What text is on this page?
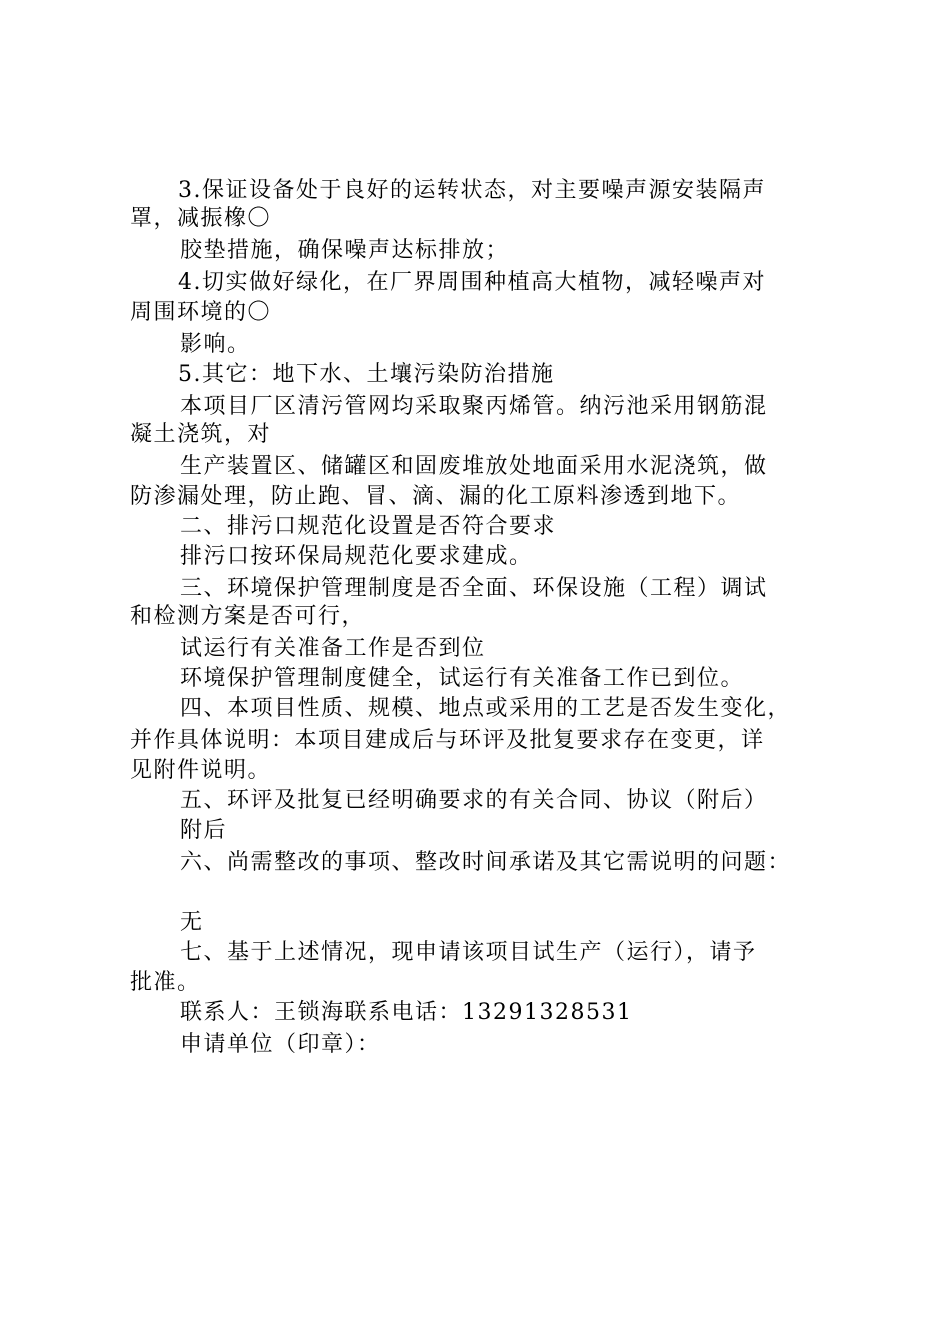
3.保证设备处于良好的运转状态，对主要噪声源安装隔声
罩，减振橡〇
胶垫措施，确保噪声达标排放；
4.切实做好绿化，在厂界周围种植高大植物，减轻噪声对
周围环境的〇
影响。
5.其它：地下水、土壤污染防治措施
本项目厂区清污管网均采取聚丙烯管。纳污池采用钢筋混
凝土浇筑，对
生产装置区、储罐区和固废堆放处地面采用水泥浇筑，做
防渗漏处理，防止跑、冒、滴、漏的化工原料渗透到地下。
二、排污口规范化设置是否符合要求
排污口按环保局规范化要求建成。
三、环境保护管理制度是否全面、环保设施（工程）调试
和检测方案是否可行，
试运行有关准备工作是否到位
环境保护管理制度健全，试运行有关准备工作已到位。
四、本项目性质、规模、地点或采用的工艺是否发生变化，
并作具体说明：本项目建成后与环评及批复要求存在变更，详
见附件说明。
五、环评及批复已经明确要求的有关合同、协议（附后）
附后
六、尚需整改的事项、整改时间承诺及其它需说明的问题：
无
七、基于上述情况，现申请该项目试生产（运行），请予
批准。
联系人：王锁海联系电话：13291328531
申请单位（印章）：
